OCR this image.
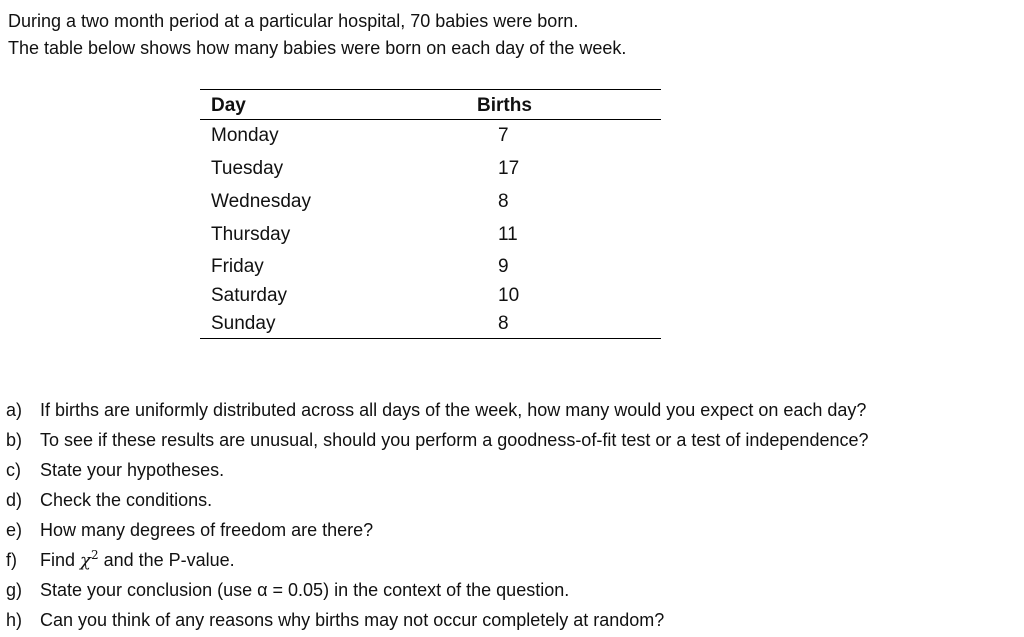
During a two month period at a particular hospital, 70 babies were born.

The table below shows how many babies were born on each day of the week.

Day	Births
Monday	7
Tuesday	17
Wednesday	8
Thursday	11
Friday	9
Saturday	10
Sunday	8
a) If births are uniformly distributed across all days of the week, how many would you expect on each day?
b) To see if these results are unusual, should you perform a goodness-of-fit test or a test of independence?
c)	State your hypotheses.
d) Check the conditions.
e) How many degrees of freedom are there?
f)	Find $\chi^2$ and the P-value.
g) State your conclusion (use α = 0.05) in the context of the question.
h) Can you think of any reasons why births may not occur completely at random?
